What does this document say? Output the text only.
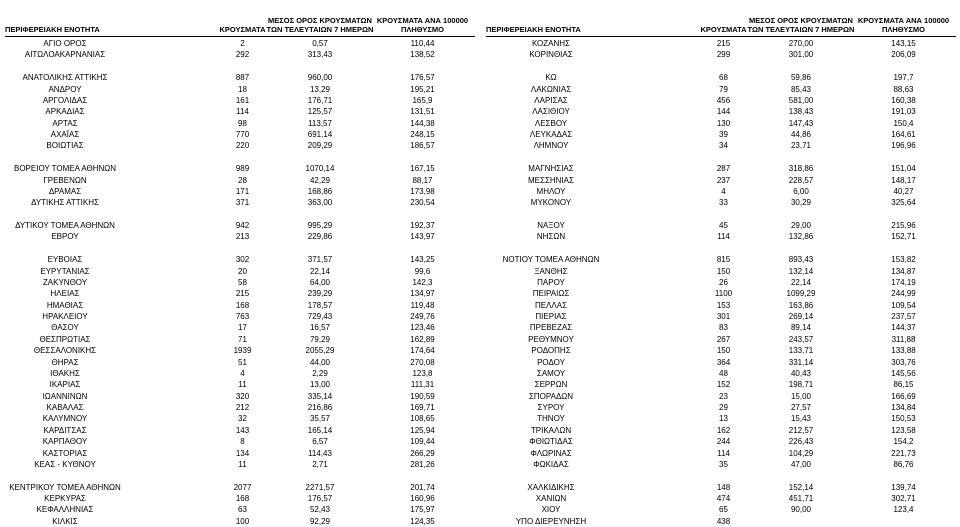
ΠΕΡΙΦΕΡΕΙΑΚΗ ΕΝΟΤΗΤΑ	ΚΡΟΥΣΜΑΤΑ
ΜΕΣΟΣ ΟΡΟΣ ΚΡΟΥΣΜΑΤΩΝ
ΤΩΝ ΤΕΛΕΥΤΑΙΩΝ 7 ΗΜΕΡΩΝ
ΚΡΟΥΣΜΑΤΑ ΑΝΑ 100000
ΠΛΗΘΥΣΜΟ
ΑΓΙΟ ΟΡΟΣ	2	0,57	110,44
ΑΙΤΩΛΟΑΚΑΡΝΑΝΙΑΣ	292	313,43	138,52
ΑΝΑΤΟΛΙΚΗΣ ΑΤΤΙΚΗΣ	887	960,00	176,57
ΑΝΔΡΟΥ	18	13,29	195,21
ΑΡΓΟΛΙΔΑΣ	161	176,71	165,9
ΑΡΚΑΔΙΑΣ	114	125,57	131,51
ΑΡΤΑΣ	98	113,57	144,38
ΑΧΑΪΑΣ	770	691,14	248,15
ΒΟΙΩΤΙΑΣ	220	209,29	186,57
ΒΟΡΕΙΟΥ ΤΟΜΕΑ ΑΘΗΝΩΝ	989	1070,14	167,15
ΓΡΕΒΕΝΩΝ	28	42,29	88,17
ΔΡΑΜΑΣ	171	168,86	173,98
ΔΥΤΙΚΗΣ ΑΤΤΙΚΗΣ	371	363,00	230,54
ΔΥΤΙΚΟΥ ΤΟΜΕΑ ΑΘΗΝΩΝ	942	995,29	192,37
ΕΒΡΟΥ	213	229,86	143,97
ΕΥΒΟΙΑΣ	302	371,57	143,25
ΕΥΡΥΤΑΝΙΑΣ	20	22,14	99,6
ΖΑΚΥΝΘΟΥ	58	64,00	142,3
ΗΛΕΙΑΣ	215	239,29	134,97
ΗΜΑΘΙΑΣ	168	178,57	119,48
ΗΡΑΚΛΕΙΟΥ	763	729,43	249,76
ΘΑΣΟΥ	17	16,57	123,46
ΘΕΣΠΡΩΤΙΑΣ	71	79,29	162,89
ΘΕΣΣΑΛΟΝΙΚΗΣ	1939	2055,29	174,64
ΘΗΡΑΣ	51	44,00	270,08
ΙΘΑΚΗΣ	4	2,29	123,8
ΙΚΑΡΙΑΣ	11	13,00	111,31
ΙΩΑΝΝΙΝΩΝ	320	335,14	190,59
ΚΑΒΑΛΑΣ	212	216,86	169,71
ΚΑΛΥΜΝΟΥ	32	35,57	108,65
ΚΑΡΔΙΤΣΑΣ	143	165,14	125,94
ΚΑΡΠΑΘΟΥ	8	6,57	109,44
ΚΑΣΤΟΡΙΑΣ	134	114,43	266,29
ΚΕΑΣ - ΚΥΘΝΟΥ	11	2,71	281,26
ΚΕΝΤΡΙΚΟΥ ΤΟΜΕΑ ΑΘΗΝΩΝ	2077	2271,57	201,74
ΚΕΡΚΥΡΑΣ	168	176,57	160,96
ΚΕΦΑΛΛΗΝΙΑΣ	63	52,43	175,97
ΚΙΛΚΙΣ	100	92,29	124,35
ΠΕΡΙΦΕΡΕΙΑΚΗ ΕΝΟΤΗΤΑ	ΚΡΟΥΣΜΑΤΑ
ΜΕΣΟΣ ΟΡΟΣ ΚΡΟΥΣΜΑΤΩΝ
ΤΩΝ ΤΕΛΕΥΤΑΙΩΝ 7 ΗΜΕΡΩΝ
ΚΡΟΥΣΜΑΤΑ ΑΝΑ 100000
ΠΛΗΘΥΣΜΟ
ΚΟΖΑΝΗΣ	215	270,00	143,15
ΚΟΡΙΝΘΙΑΣ	299	301,00	206,09
ΚΩ	68	59,86	197,7
ΛΑΚΩΝΙΑΣ	79	85,43	88,63
ΛΑΡΙΣΑΣ	456	581,00	160,38
ΛΑΣΙΘΙΟΥ	144	138,43	191,03
ΛΕΣΒΟΥ	130	147,43	150,4
ΛΕΥΚΑΔΑΣ	39	44,86	164,61
ΛΗΜΝΟΥ	34	23,71	196,96
ΜΑΓΝΗΣΙΑΣ	287	318,86	151,04
ΜΕΣΣΗΝΙΑΣ	237	228,57	148,17
ΜΗΛΟΥ	4	6,00	40,27
ΜΥΚΟΝΟΥ	33	30,29	325,64
ΝΑΞΟΥ	45	29,00	215,96
ΝΗΣΩΝ	114	132,86	152,71
ΝΟΤΙΟΥ ΤΟΜΕΑ ΑΘΗΝΩΝ	815	893,43	153,82
ΞΑΝΘΗΣ	150	132,14	134,87
ΠΑΡΟΥ	26	22,14	174,19
ΠΕΙΡΑΙΩΣ	1100	1099,29	244,99
ΠΕΛΛΑΣ	153	163,86	109,54
ΠΙΕΡΙΑΣ	301	269,14	237,57
ΠΡΕΒΕΖΑΣ	83	89,14	144,37
ΡΕΘΥΜΝΟΥ	267	243,57	311,88
ΡΟΔΟΠΗΣ	150	133,71	133,88
ΡΟΔΟΥ	364	331,14	303,76
ΣΑΜΟΥ	48	40,43	145,56
ΣΕΡΡΩΝ	152	198,71	86,15
ΣΠΟΡΑΔΩΝ	23	15,00	166,69
ΣΥΡΟΥ	29	27,57	134,84
ΤΗΝΟΥ	13	15,43	150,53
ΤΡΙΚΑΛΩΝ	162	212,57	123,58
ΦΘΙΩΤΙΔΑΣ	244	226,43	154,2
ΦΛΩΡΙΝΑΣ	114	104,29	221,73
ΦΩΚΙΔΑΣ	35	47,00	86,76
ΧΑΛΚΙΔΙΚΗΣ	148	152,14	139,74
ΧΑΝΙΩΝ	474	451,71	302,71
ΧΙΟΥ	65	90,00	123,4
ΥΠΟ ΔΙΕΡΕΥΝΗΣΗ	438
